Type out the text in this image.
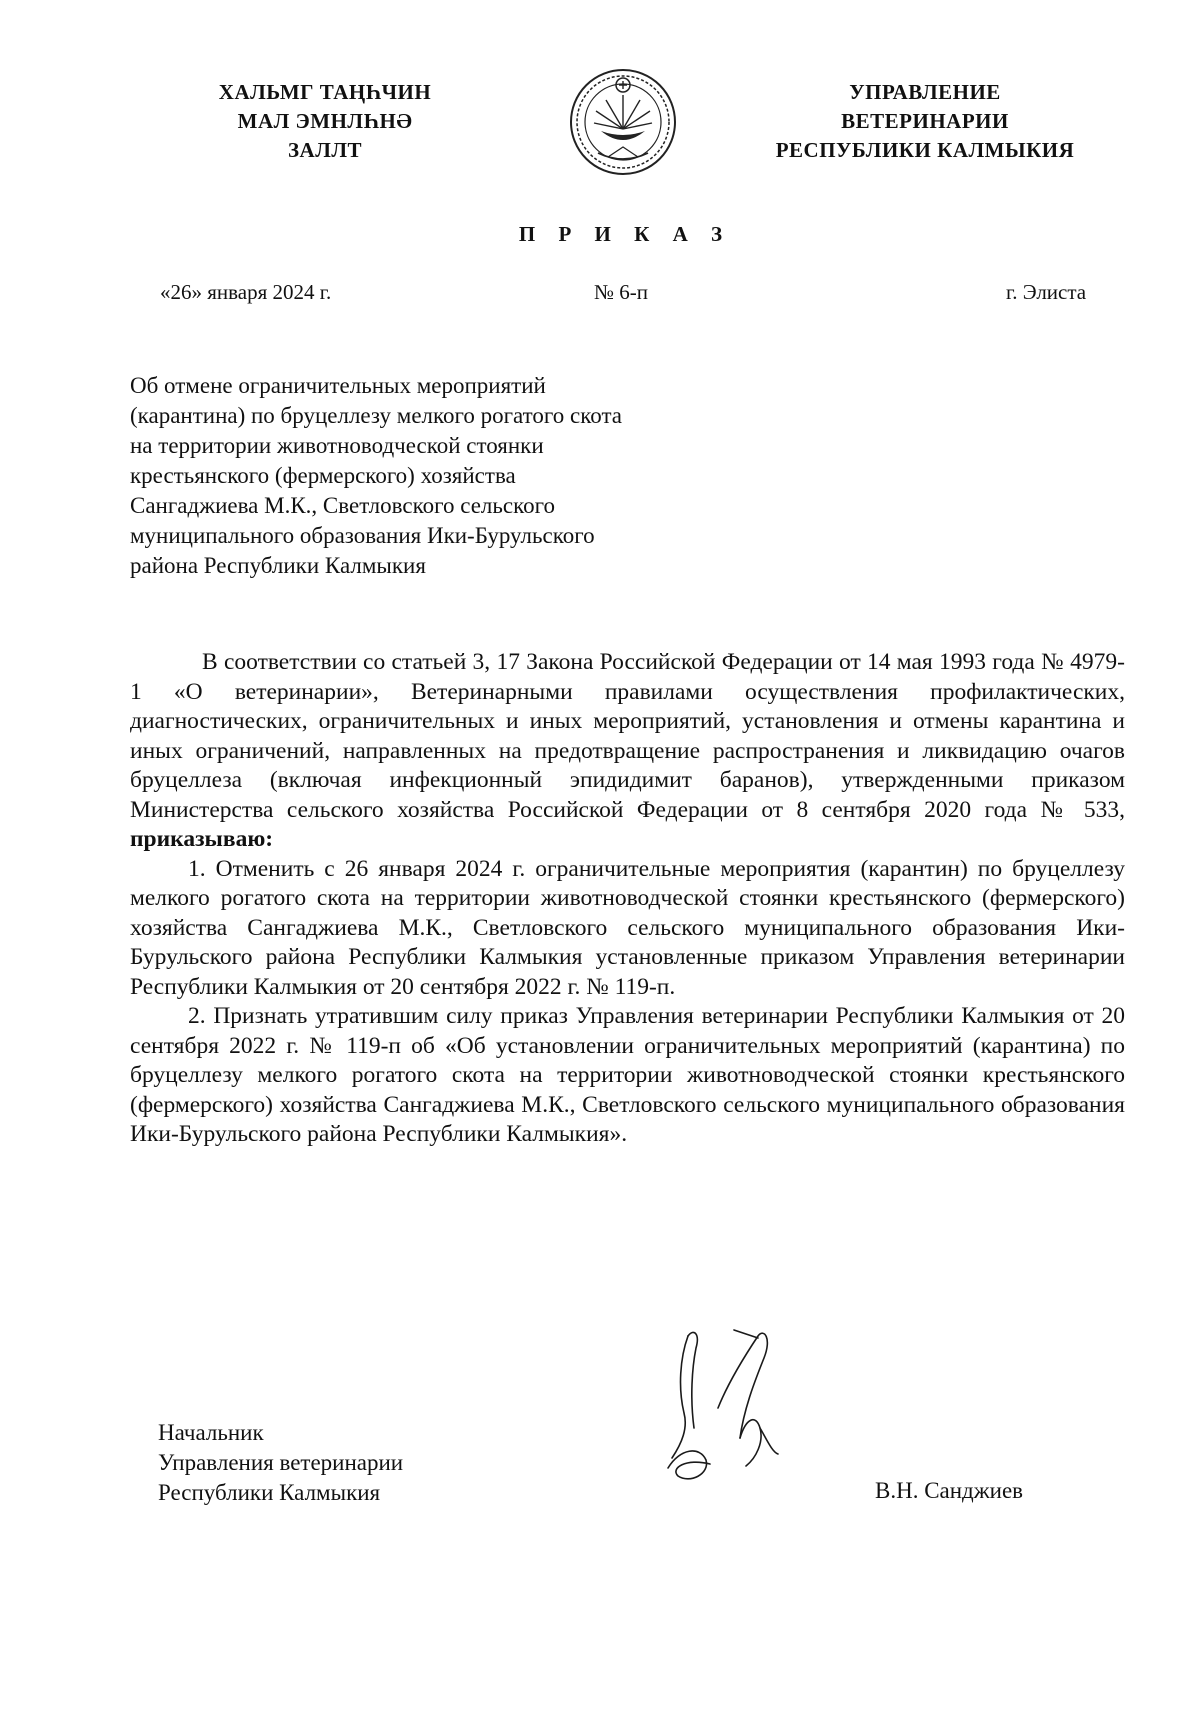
ХАЛЬМГ ТАҢҺЧИН
МАЛ ЭМНЛҺНӘ
ЗАЛЛТ
УПРАВЛЕНИЕ
ВЕТЕРИНАРИИ
РЕСПУБЛИКИ КАЛМЫКИЯ
П Р И К А З
«26» января 2024 г.	№ 6-п	г. Элиста
Об отмене ограничительных мероприятий
(карантина) по бруцеллезу мелкого рогатого скота
на территории животноводческой стоянки
крестьянского (фермерского) хозяйства
Сангаджиева М.К., Светловского сельского
муниципального образования Ики-Бурульского
района Республики Калмыкия

В соответствии со статьей 3, 17 Закона Российской Федерации от 14 мая 1993 года № 4979-1 «О ветеринарии», Ветеринарными правилами осуществления профилактических, диагностических, ограничительных и иных мероприятий, установления и отмены карантина и иных ограничений, направленных на предотвращение распространения и ликвидацию очагов бруцеллеза (включая инфекционный эпидидимит баранов), утвержденными приказом Министерства сельского хозяйства Российской Федерации от 8 сентября 2020 года № 533, приказываю:

1. Отменить с 26 января 2024 г. ограничительные мероприятия (карантин) по бруцеллезу мелкого рогатого скота на территории животноводческой стоянки крестьянского (фермерского) хозяйства Сангаджиева М.К., Светловского сельского муниципального образования Ики-Бурульского района Республики Калмыкия установленные приказом Управления ветеринарии Республики Калмыкия от 20 сентября 2022 г. № 119-п.

2. Признать утратившим силу приказ Управления ветеринарии Республики Калмыкия от 20 сентября 2022 г. № 119-п об «Об установлении ограничительных мероприятий (карантина) по бруцеллезу мелкого рогатого скота на территории животноводческой стоянки крестьянского (фермерского) хозяйства Сангаджиева М.К., Светловского сельского муниципального образования Ики-Бурульского района Республики Калмыкия».

Начальник
Управления ветеринарии
Республики Калмыкия	В.Н. Санджиев
